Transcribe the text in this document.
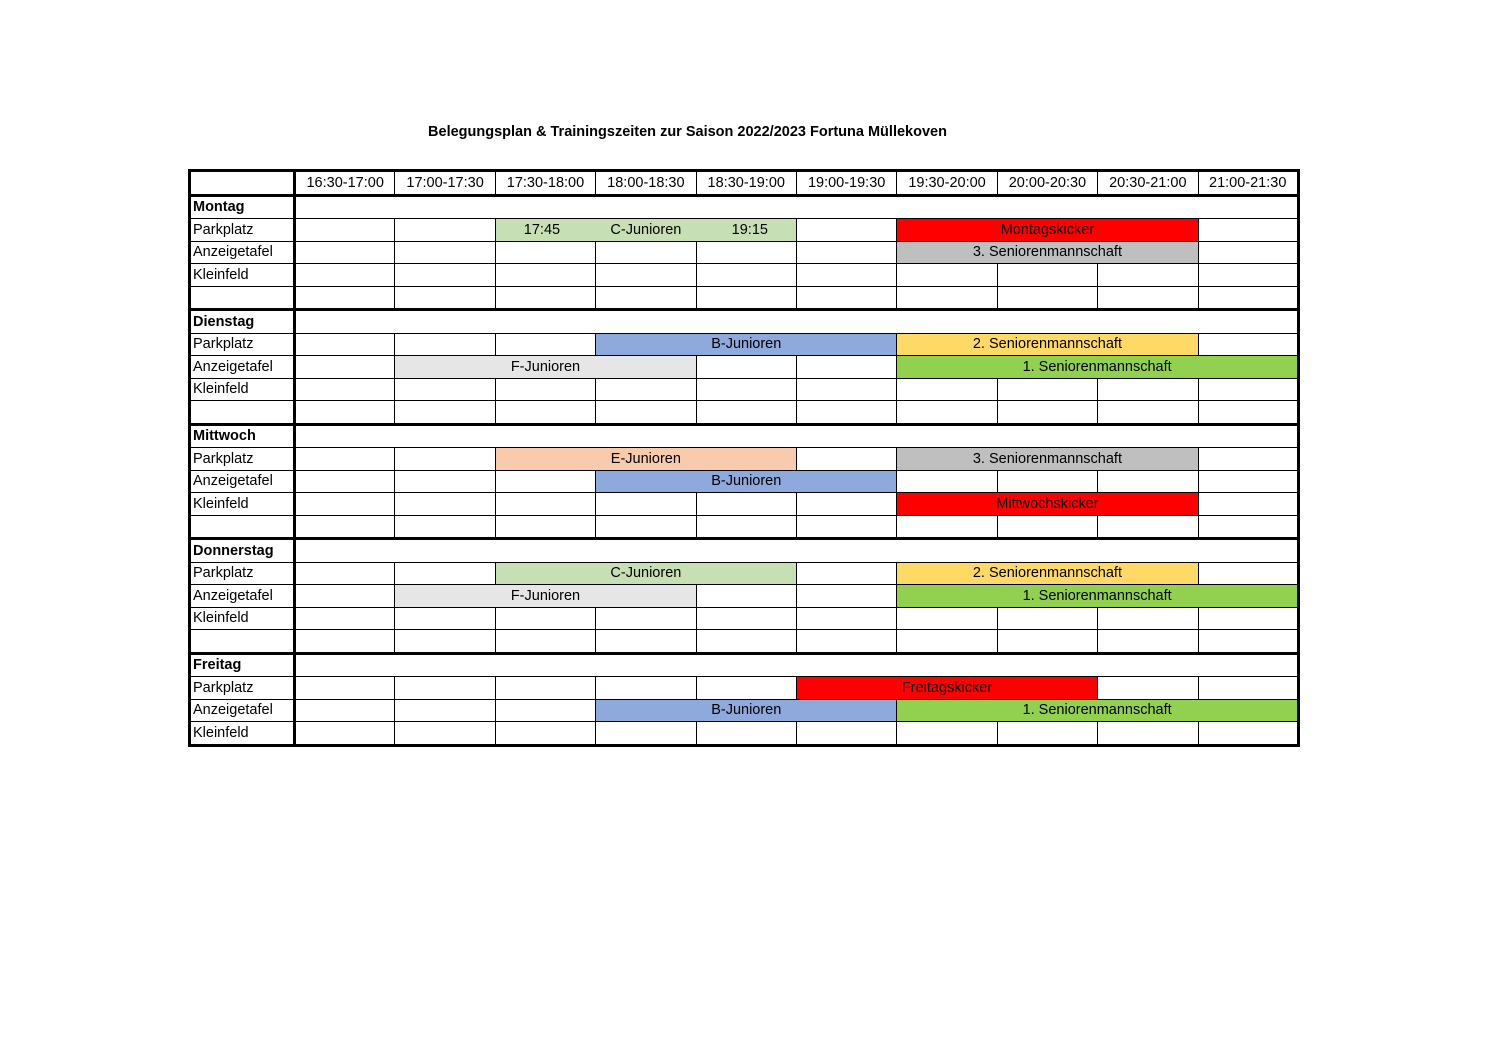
Belegungsplan & Trainingszeiten zur Saison 2022/2023 Fortuna Müllekoven
	16:30-17:00	17:00-17:30	17:30-18:00	18:00-18:30	18:30-19:00	19:00-19:30	19:30-20:00	20:00-20:30	20:30-21:00	21:00-21:30
Montag										
Parkplatz			17:45 C-Junioren 19:15				Montagskicker			
Anzeigetafel							3. Seniorenmannschaft			
Kleinfeld										

Dienstag										
Parkplatz				B-Junioren			2. Seniorenmannschaft			
Anzeigetafel		F-Junioren					1. Seniorenmannschaft			
Kleinfeld										

Mittwoch										
Parkplatz			E-Junioren				3. Seniorenmannschaft			
Anzeigetafel				B-Junioren						
Kleinfeld							Mittwochskicker			

Donnerstag										
Parkplatz			C-Junioren				2. Seniorenmannschaft			
Anzeigetafel		F-Junioren					1. Seniorenmannschaft			
Kleinfeld										

Freitag										
Parkplatz						Freitagskicker				
Anzeigetafel				B-Junioren			1. Seniorenmannschaft			
Kleinfeld										
